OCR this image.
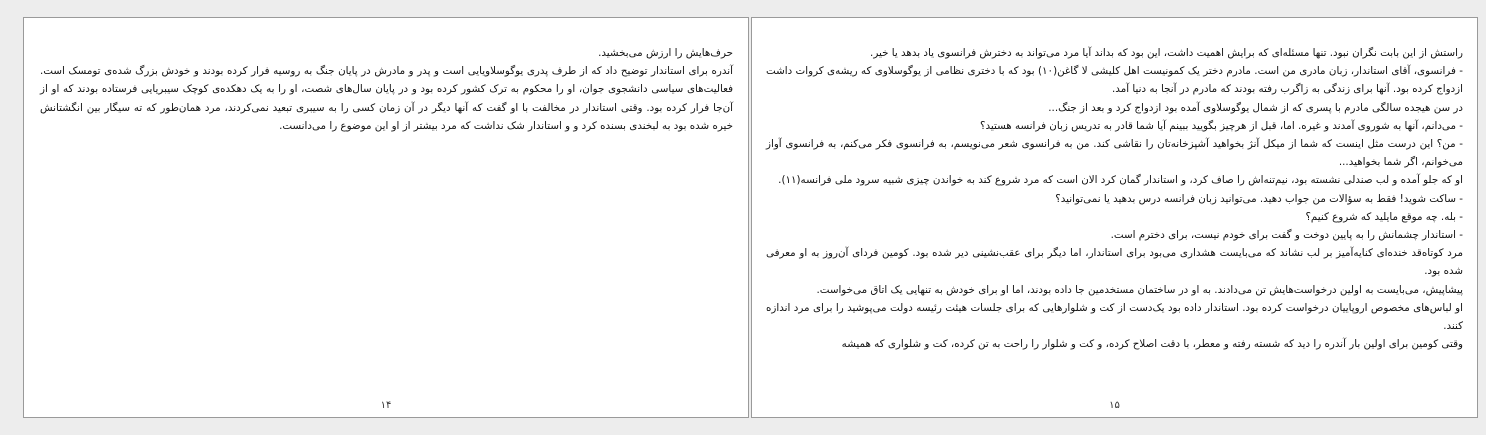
حرف‌هایش را ارزش می‌بخشید.

آندره برای استاندار توضیح داد که از طرف پدری یوگوسلاویایی است و پدر و مادرش در پایان جنگ به روسیه فرار کرده بودند و خودش بزرگ شده‌ی تومسک است. فعالیت‌های سیاسی دانشجوی جوان، او را محکوم به ترک کشور کرده بود و در پایان سال‌های شصت، او را به یک دهکده‌ی کوچک سیبریایی فرستاده بودند که او از آن‌جا فرار کرده بود. وقتی استاندار در مخالفت با او گفت که آنها دیگر در آن زمان کسی را به سیبری تبعید نمی‌کردند، مرد همان‌طور که ته سیگار بین انگشتانش خیره شده بود به لبخندی بسنده کرد و و استاندار شک نداشت که مرد بیشتر از او این موضوع را می‌دانست.

۱۴

راستش از این بابت نگران نبود. تنها مسئله‌ای که برایش اهمیت داشت، این بود که بداند آیا مرد می‌تواند به دخترش فرانسوی یاد بدهد یا خیر.

- فرانسوی، آقای استاندار، زبان مادری من است. مادرم دختر یک کمونیست اهل کلیشی لا گاغن(۱۰) بود که با دختری نظامی از یوگوسلاوی که ریشه‌ی کروات داشت ازدواج کرده بود. آنها برای زندگی به زاگرب رفته بودند که مادرم در آنجا به دنیا آمد.

در سن هیجده سالگی مادرم با پسری که از شمال یوگوسلاوی آمده بود ازدواج کرد و بعد از جنگ...

- می‌دانم، آنها به شوروی آمدند و غیره. اما، قبل از هرچیز بگویید ببینم آیا شما قادر به تدریس زبان فرانسه هستید؟

- من؟ این درست مثل اینست که شما از میکل آنژ بخواهید آشپزخانه‌تان را نقاشی کند. من به فرانسوی شعر می‌نویسم، به فرانسوی فکر می‌کنم، به فرانسوی آواز می‌خوانم، اگر شما بخواهید...

او که جلو آمده و لب صندلی نشسته بود، نیم‌تنه‌اش را صاف کرد، و استاندار گمان کرد الان است که مرد شروع کند به خواندن چیزی شبیه سرود ملی فرانسه(۱۱).

- ساکت شوید! فقط به سؤالات من جواب دهید. می‌توانید زبان فرانسه درس بدهید یا نمی‌توانید؟

- بله. چه موقع مایلید که شروع کنیم؟

- استاندار چشمانش را به پایین دوخت و گفت برای خودم نیست، برای دخترم است.

مرد کوتاه‌قد خنده‌ای کنایه‌آمیز بر لب نشاند که می‌بایست هشداری می‌بود برای استاندار، اما دیگر برای عقب‌نشینی دیر شده بود. کومین فردای آن‌روز به او معرفی شده بود.

پیشاپیش، می‌بایست به اولین درخواست‌هایش تن می‌دادند. به او در ساختمان مستخدمین جا داده بودند، اما او برای خودش به تنهایی یک اتاق می‌خواست.

او لباس‌های مخصوص اروپاییان درخواست کرده بود. استاندار داده بود یک‌دست از کت و شلوارهایی که برای جلسات هیئت رئیسه دولت می‌پوشید را برای مرد اندازه کنند.

وقتی کومین برای اولین بار آندره را دید که شسته رفته و معطر، با دقت اصلاح کرده، و کت و شلوار را راحت به تن کرده، کت و شلواری که همیشه

۱۵
